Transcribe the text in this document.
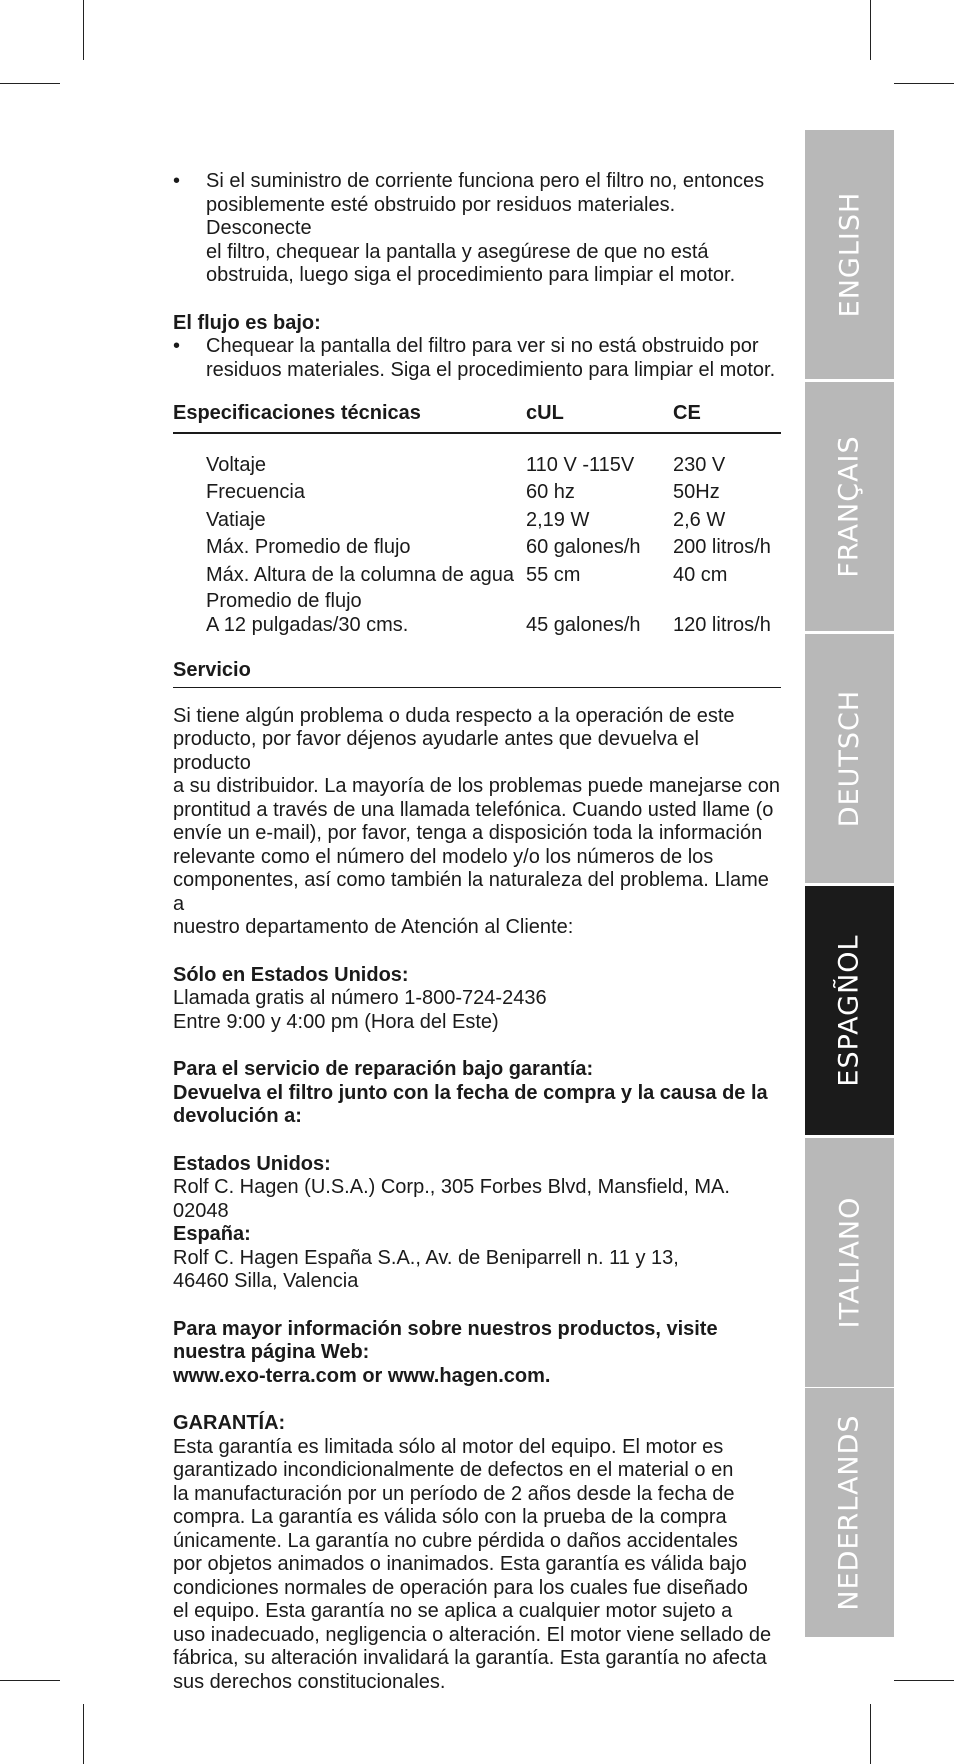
ENGLISH
FRANÇAIS
DEUTSCH
ESPAGÑOL
ITALIANO
NEDERLANDS
• Si el suministro de corriente funciona pero el filtro no, entonces

posiblemente esté obstruido por residuos materiales. Desconecte

el filtro, chequear la pantalla y asegúrese de que no está

obstruida, luego siga el procedimiento para limpiar el motor.

El flujo es bajo:

• Chequear la pantalla del filtro para ver si no está obstruido por

residuos materiales. Siga el procedimiento para limpiar el motor.

Especificaciones técnicas	cUL	CE
Voltaje	110 V -115V	230 V
Frecuencia	60 hz	50Hz
Vatiaje	2,19 W	2,6 W
Máx. Promedio de flujo	60 galones/h	200 litros/h
Máx. Altura de la columna de agua 55 cm	40 cm
Promedio de flujo
A 12 pulgadas/30 cms.	45 galones/h	120 litros/h
Servicio

Si tiene algún problema o duda respecto a la operación de este

producto, por favor déjenos ayudarle antes que devuelva el producto

a su distribuidor. La mayoría de los problemas puede manejarse con

prontitud a través de una llamada telefónica. Cuando usted llame (o

envíe un e-mail), por favor, tenga a disposición toda la información

relevante como el número del modelo y/o los números de los

componentes, así como también la naturaleza del problema. Llame a

nuestro departamento de Atención al Cliente:

Sólo en Estados Unidos:

Llamada gratis al número 1-800-724-2436

Entre 9:00 y 4:00 pm (Hora del Este)

Para el servicio de reparación bajo garantía:

Devuelva el filtro junto con la fecha de compra y la causa de la

devolución a:

Estados Unidos:

Rolf C. Hagen (U.S.A.) Corp., 305 Forbes Blvd, Mansfield, MA. 02048

España:

Rolf C. Hagen España S.A., Av. de Beniparrell n. 11 y 13,

46460 Silla, Valencia

Para mayor información sobre nuestros productos, visite

nuestra página Web:

www.exo-terra.com or www.hagen.com.

GARANTÍA:

Esta garantía es limitada sólo al motor del equipo. El motor es

garantizado incondicionalmente de defectos en el material o en

la manufacturación por un período de 2 años desde la fecha de

compra. La garantía es válida sólo con la prueba de la compra

únicamente. La garantía no cubre pérdida o daños accidentales

por objetos animados o inanimados. Esta garantía es válida bajo

condiciones normales de operación para los cuales fue diseñado

el equipo. Esta garantía no se aplica a cualquier motor sujeto a

uso inadecuado, negligencia o alteración. El motor viene sellado de

fábrica, su alteración invalidará la garantía. Esta garantía no afecta

sus derechos constitucionales.
